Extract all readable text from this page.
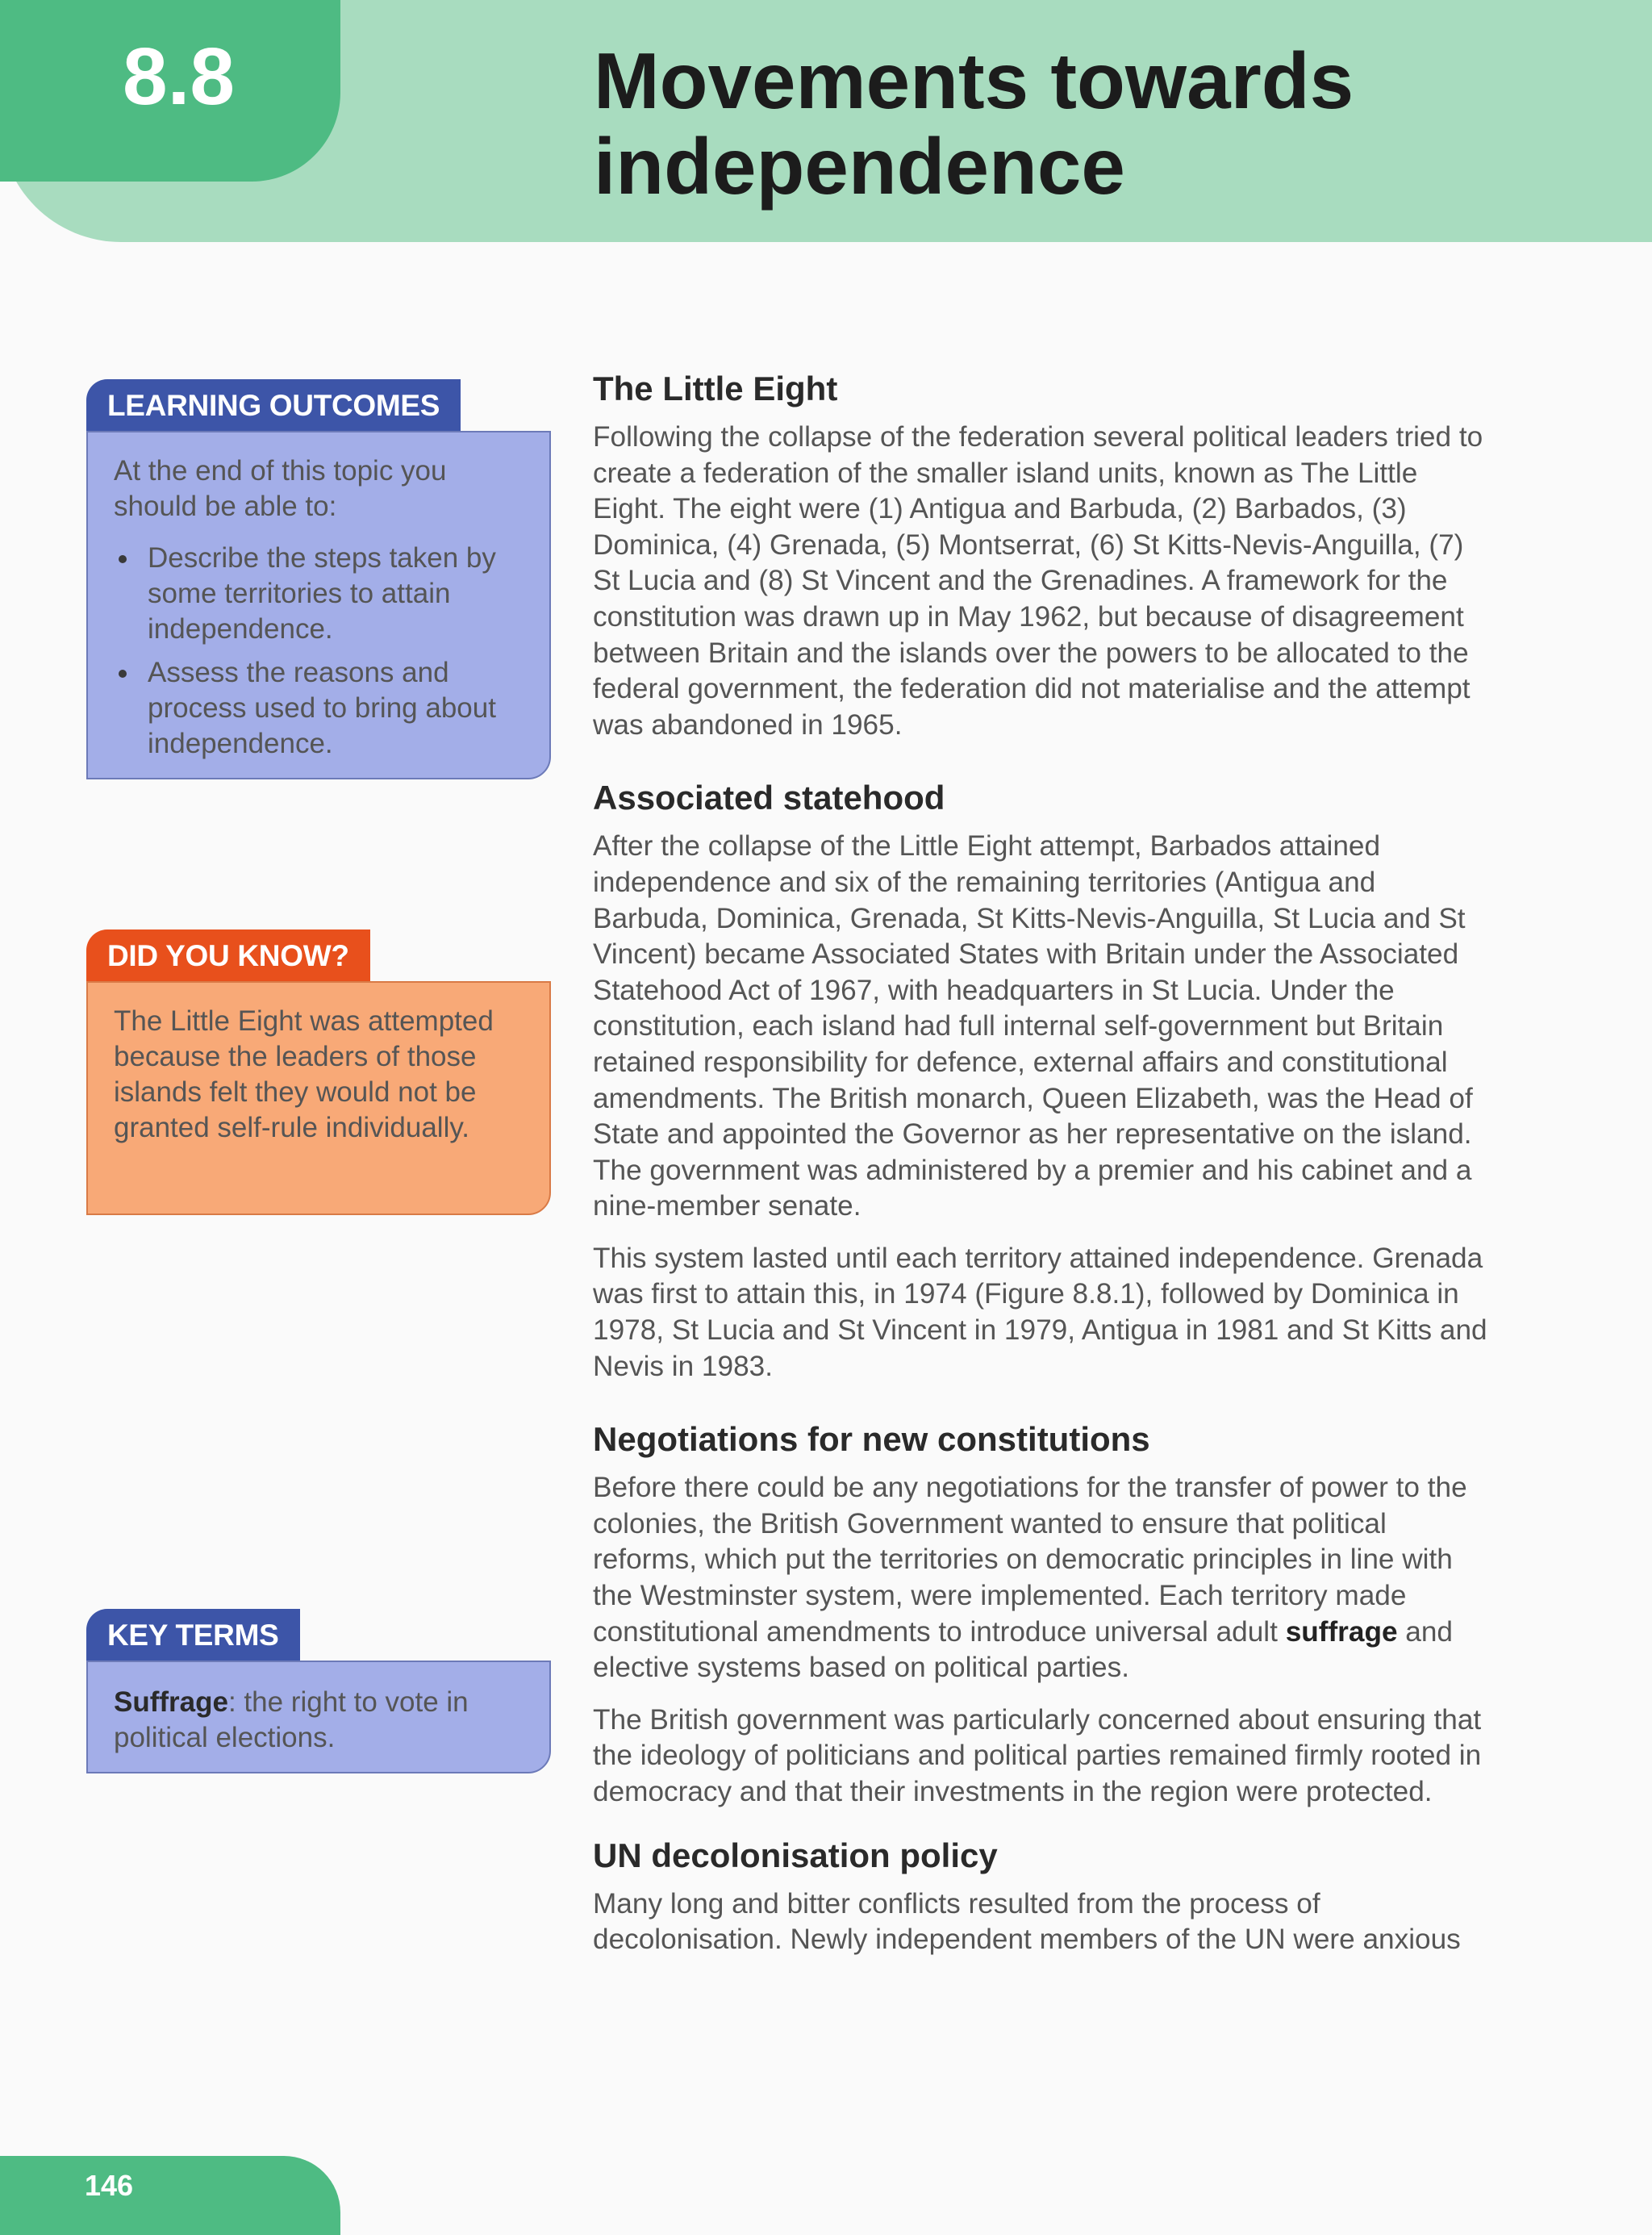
8.8	Movements towards independence
LEARNING OUTCOMES

At the end of this topic you should be able to:

Describe the steps taken by some territories to attain independence.
Assess the reasons and process used to bring about independence.
DID YOU KNOW?

The Little Eight was attempted because the leaders of those islands felt they would not be granted self-rule individually.

KEY TERMS

Suffrage: the right to vote in political elections.

The Little Eight

Following the collapse of the federation several political leaders tried to create a federation of the smaller island units, known as The Little Eight. The eight were (1) Antigua and Barbuda, (2) Barbados, (3) Dominica, (4) Grenada, (5) Montserrat, (6) St Kitts-Nevis-Anguilla, (7) St Lucia and (8) St Vincent and the Grenadines. A framework for the constitution was drawn up in May 1962, but because of disagreement between Britain and the islands over the powers to be allocated to the federal government, the federation did not materialise and the attempt was abandoned in 1965.

Associated statehood

After the collapse of the Little Eight attempt, Barbados attained independence and six of the remaining territories (Antigua and Barbuda, Dominica, Grenada, St Kitts-Nevis-Anguilla, St Lucia and St Vincent) became Associated States with Britain under the Associated Statehood Act of 1967, with headquarters in St Lucia. Under the constitution, each island had full internal self-government but Britain retained responsibility for defence, external affairs and constitutional amendments. The British monarch, Queen Elizabeth, was the Head of State and appointed the Governor as her representative on the island. The government was administered by a premier and his cabinet and a nine-member senate.

This system lasted until each territory attained independence. Grenada was first to attain this, in 1974 (Figure 8.8.1), followed by Dominica in 1978, St Lucia and St Vincent in 1979, Antigua in 1981 and St Kitts and Nevis in 1983.

Negotiations for new constitutions

Before there could be any negotiations for the transfer of power to the colonies, the British Government wanted to ensure that political reforms, which put the territories on democratic principles in line with the Westminster system, were implemented. Each territory made constitutional amendments to introduce universal adult suffrage and elective systems based on political parties.

The British government was particularly concerned about ensuring that the ideology of politicians and political parties remained firmly rooted in democracy and that their investments in the region were protected.

UN decolonisation policy

Many long and bitter conflicts resulted from the process of decolonisation. Newly independent members of the UN were anxious

146
